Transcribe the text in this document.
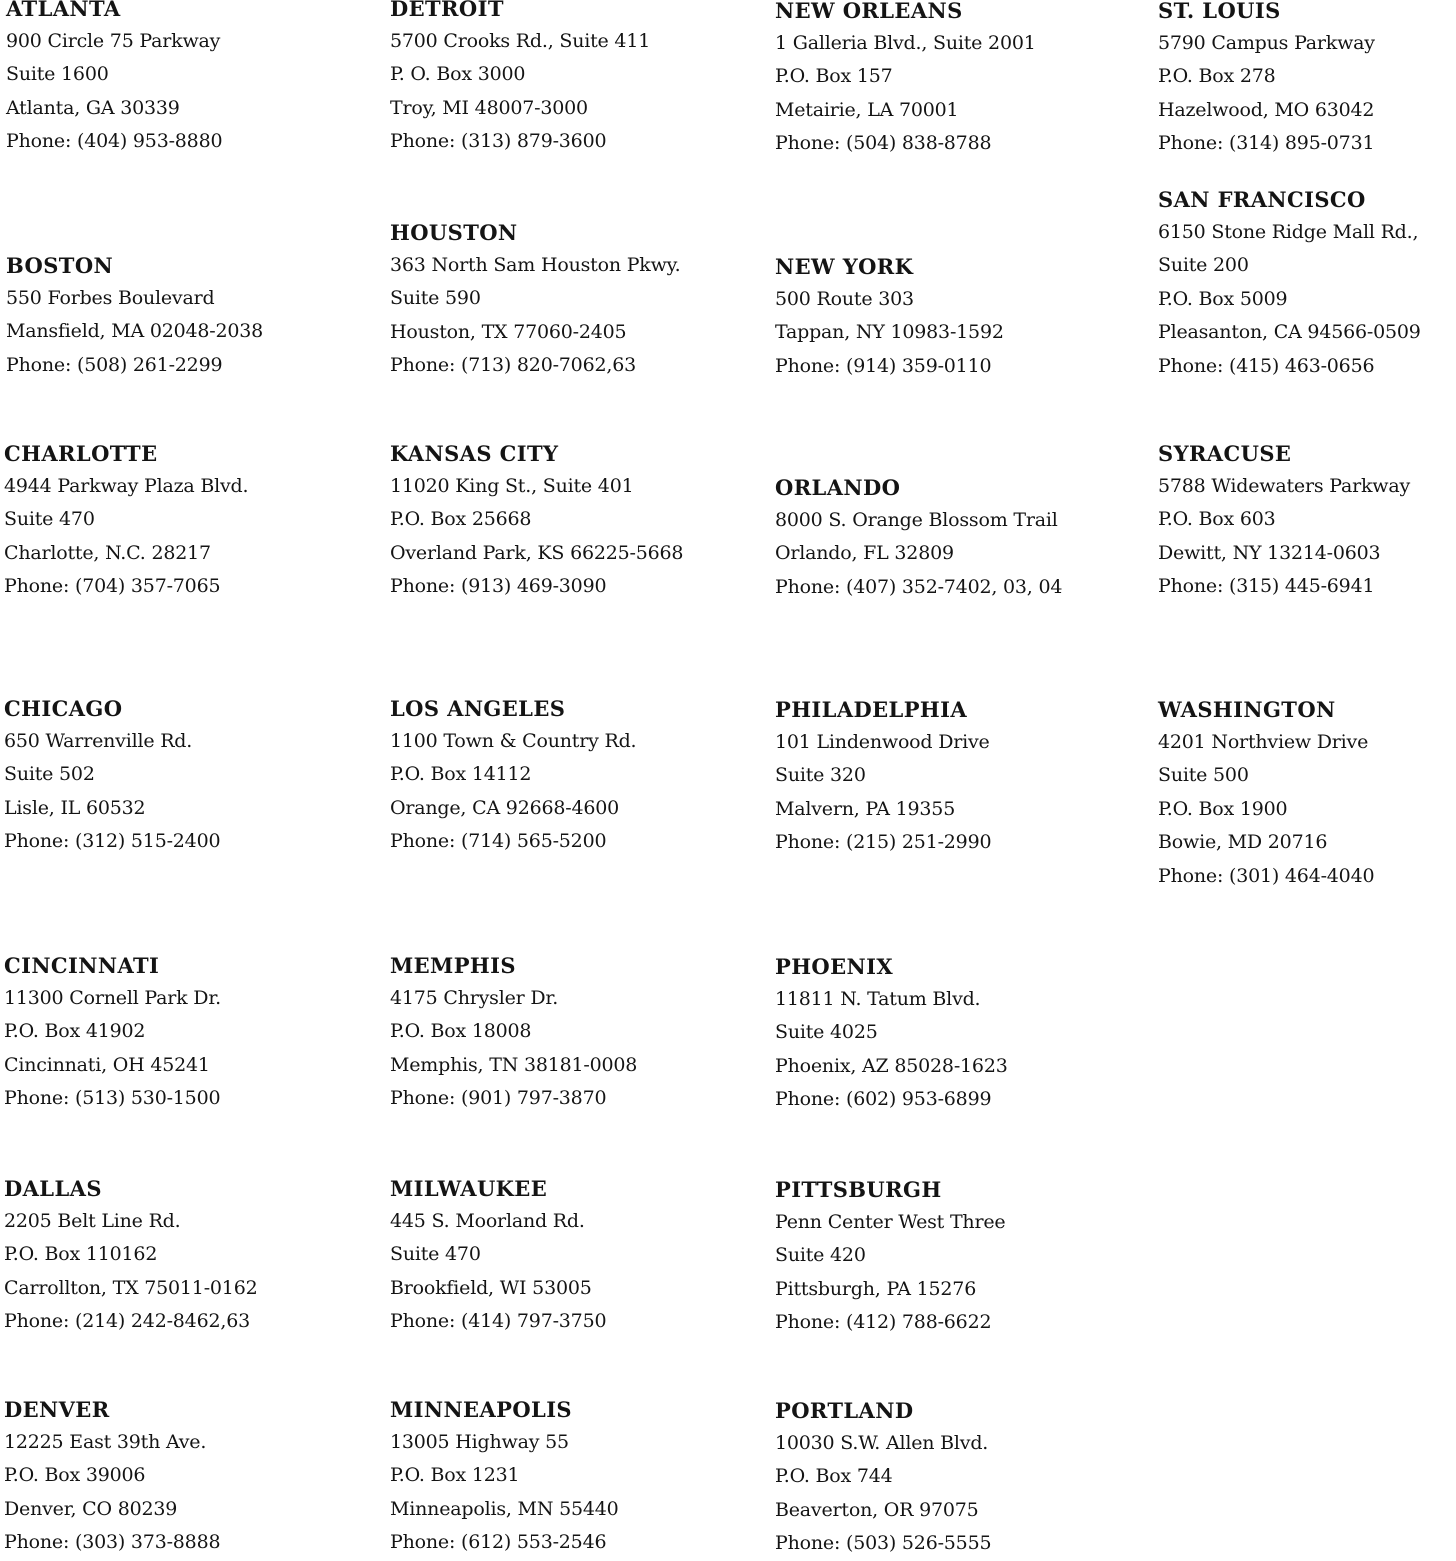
ATLANTA
900 Circle 75 Parkway
Suite 1600
Atlanta, GA 30339
Phone: (404) 953-8880
BOSTON
550 Forbes Boulevard
Mansfield, MA 02048-2038
Phone: (508) 261-2299
CHARLOTTE
4944 Parkway Plaza Blvd.
Suite 470
Charlotte, N.C. 28217
Phone: (704) 357-7065
CHICAGO
650 Warrenville Rd.
Suite 502
Lisle, IL 60532
Phone: (312) 515-2400
CINCINNATI
11300 Cornell Park Dr.
P.O. Box 41902
Cincinnati, OH 45241
Phone: (513) 530-1500
DALLAS
2205 Belt Line Rd.
P.O. Box 110162
Carrollton, TX 75011-0162
Phone: (214) 242-8462,63
DENVER
12225 East 39th Ave.
P.O. Box 39006
Denver, CO 80239
Phone: (303) 373-8888
DETROIT
5700 Crooks Rd., Suite 411
P. O. Box 3000
Troy, MI 48007-3000
Phone: (313) 879-3600
HOUSTON
363 North Sam Houston Pkwy.
Suite 590
Houston, TX 77060-2405
Phone: (713) 820-7062,63
KANSAS CITY
11020 King St., Suite 401
P.O. Box 25668
Overland Park, KS 66225-5668
Phone: (913) 469-3090
LOS ANGELES
1100 Town & Country Rd.
P.O. Box 14112
Orange, CA 92668-4600
Phone: (714) 565-5200
MEMPHIS
4175 Chrysler Dr.
P.O. Box 18008
Memphis, TN 38181-0008
Phone: (901) 797-3870
MILWAUKEE
445 S. Moorland Rd.
Suite 470
Brookfield, WI 53005
Phone: (414) 797-3750
MINNEAPOLIS
13005 Highway 55
P.O. Box 1231
Minneapolis, MN 55440
Phone: (612) 553-2546
NEW ORLEANS
1 Galleria Blvd., Suite 2001
P.O. Box 157
Metairie, LA 70001
Phone: (504) 838-8788
NEW YORK
500 Route 303
Tappan, NY 10983-1592
Phone: (914) 359-0110
ORLANDO
8000 S. Orange Blossom Trail
Orlando, FL 32809
Phone: (407) 352-7402, 03, 04
PHILADELPHIA
101 Lindenwood Drive
Suite 320
Malvern, PA 19355
Phone: (215) 251-2990
PHOENIX
11811 N. Tatum Blvd.
Suite 4025
Phoenix, AZ 85028-1623
Phone: (602) 953-6899
PITTSBURGH
Penn Center West Three
Suite 420
Pittsburgh, PA 15276
Phone: (412) 788-6622
PORTLAND
10030 S.W. Allen Blvd.
P.O. Box 744
Beaverton, OR 97075
Phone: (503) 526-5555
ST. LOUIS
5790 Campus Parkway
P.O. Box 278
Hazelwood, MO 63042
Phone: (314) 895-0731
SAN FRANCISCO
6150 Stone Ridge Mall Rd.,
Suite 200
P.O. Box 5009
Pleasanton, CA 94566-0509
Phone: (415) 463-0656
SYRACUSE
5788 Widewaters Parkway
P.O. Box 603
Dewitt, NY 13214-0603
Phone: (315) 445-6941
WASHINGTON
4201 Northview Drive
Suite 500
P.O. Box 1900
Bowie, MD 20716
Phone: (301) 464-4040
